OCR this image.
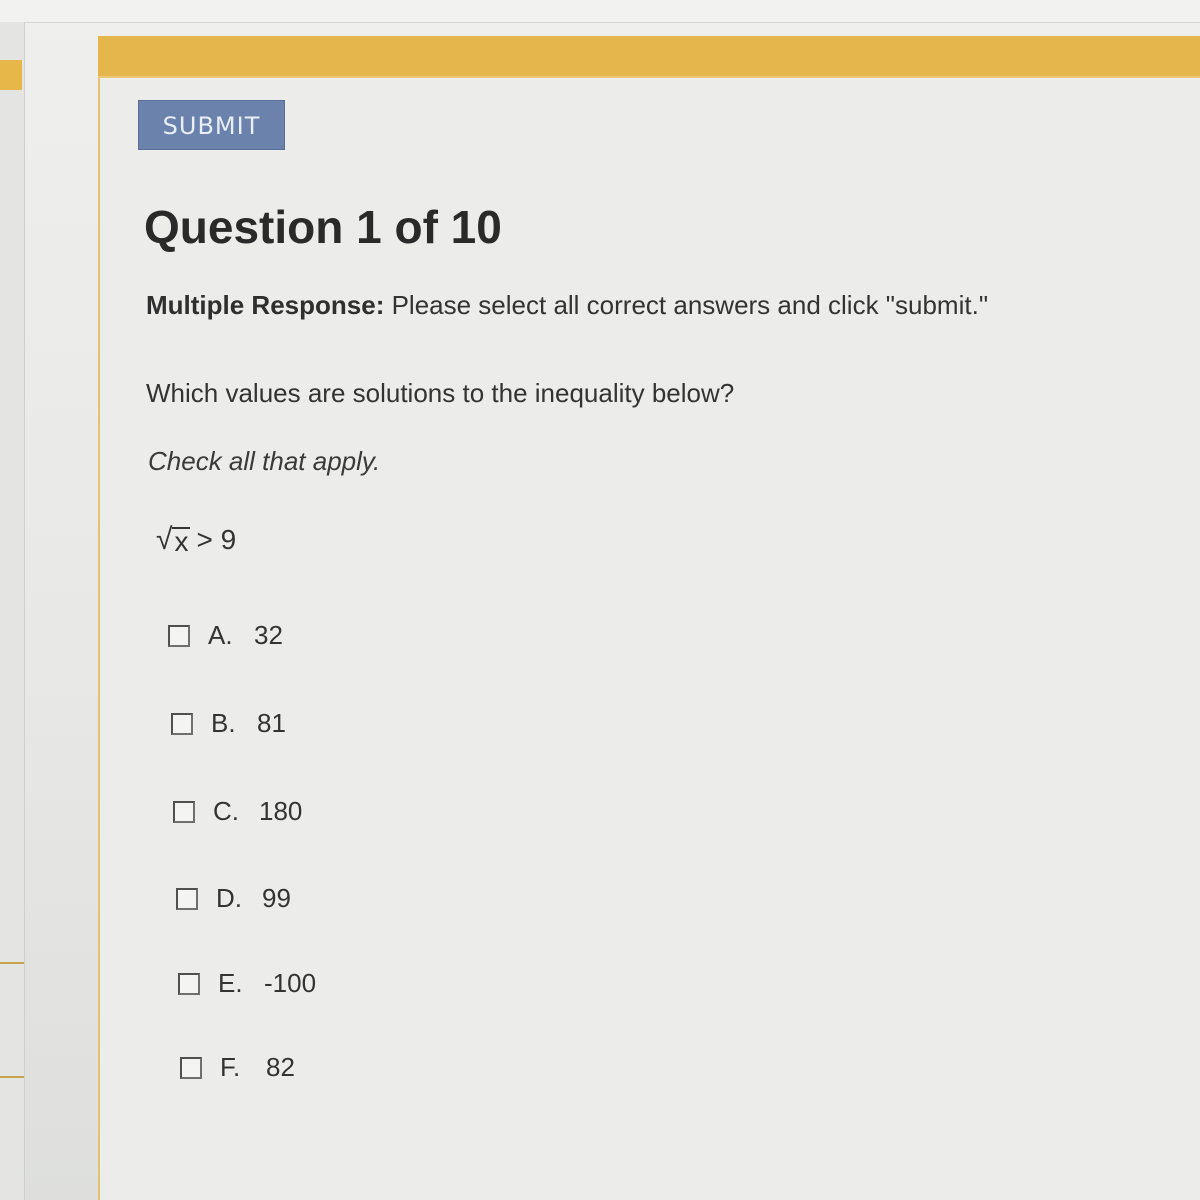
SUBMIT
Question 1 of 10
Multiple Response: Please select all correct answers and click "submit."
Which values are solutions to the inequality below?
Check all that apply.
√ x > 9
A. 32
B. 81
C. 180
D. 99
E. -100
F. 82
